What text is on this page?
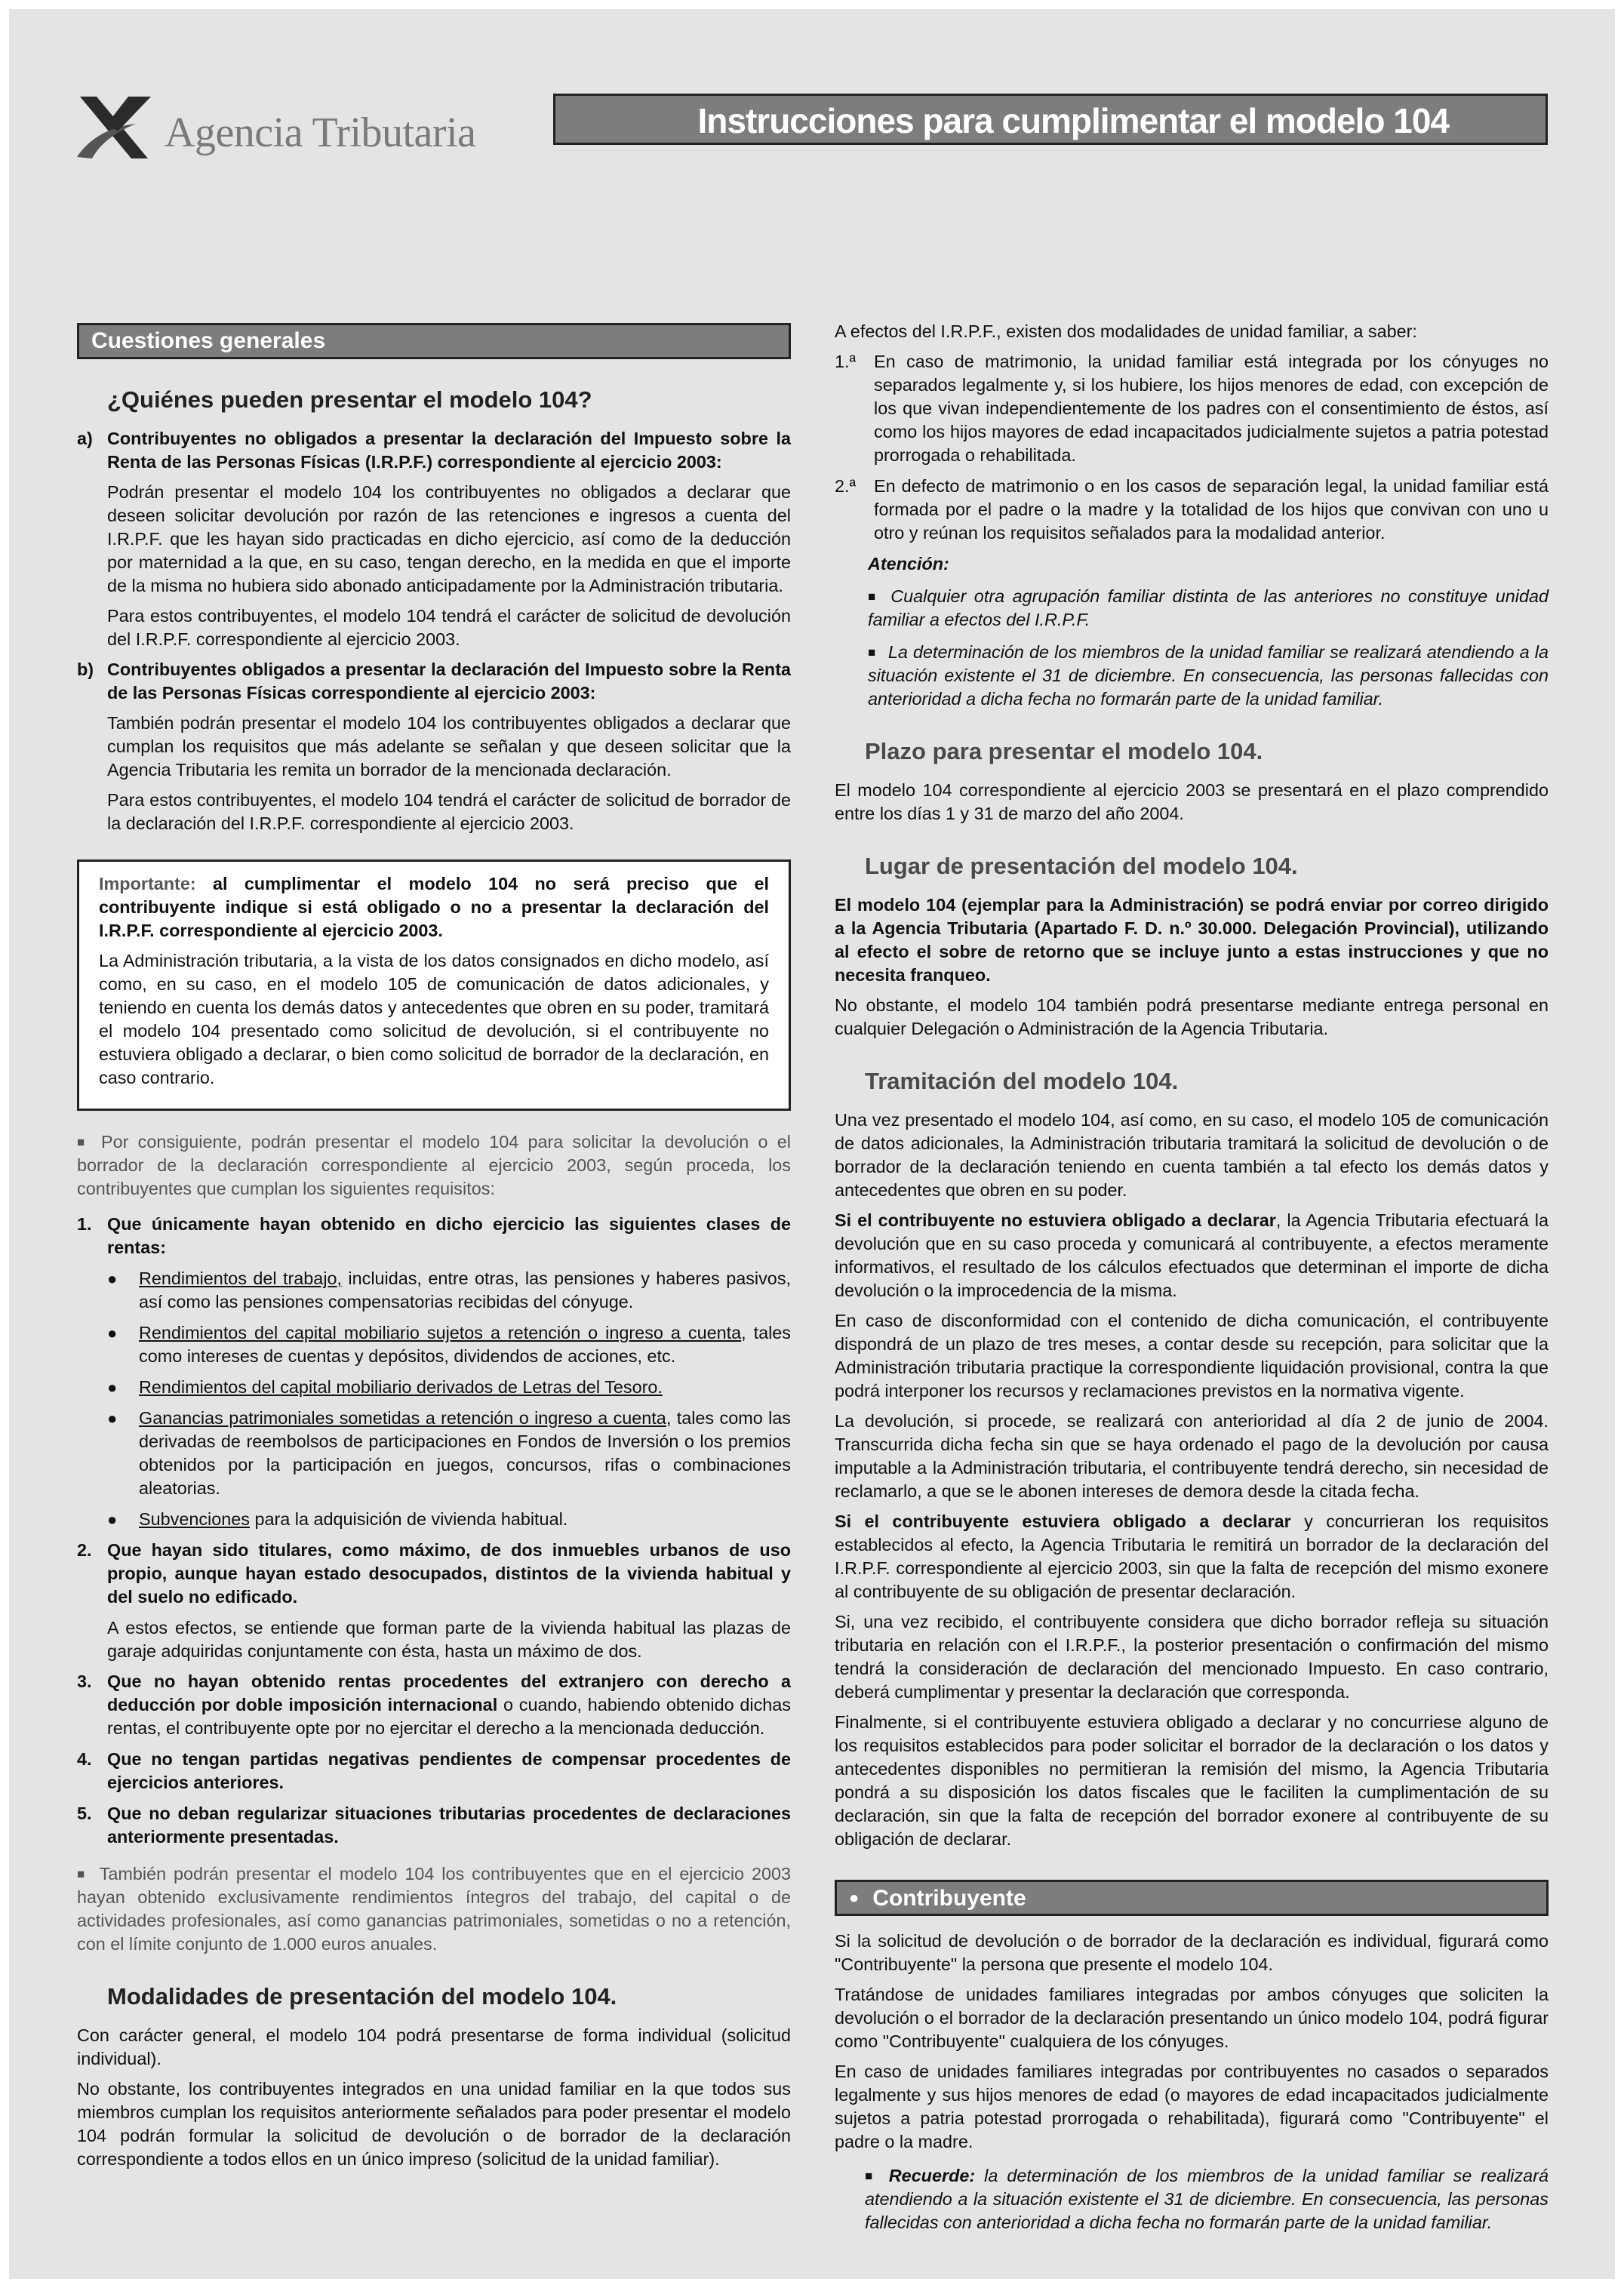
Agencia Tributaria	Instrucciones para cumplimentar el modelo 104
Cuestiones generales
¿Quiénes pueden presentar el modelo 104?
a) Contribuyentes no obligados a presentar la declaración del Impuesto sobre la Renta de las Personas Físicas (I.R.P.F.) correspondiente al ejercicio 2003:

Podrán presentar el modelo 104 los contribuyentes no obligados a declarar que deseen solicitar devolución por razón de las retenciones e ingresos a cuenta del I.R.P.F. que les hayan sido practicadas en dicho ejercicio, así como de la deducción por maternidad a la que, en su caso, tengan derecho, en la medida en que el importe de la misma no hubiera sido abonado anticipadamente por la Administración tributaria.

Para estos contribuyentes, el modelo 104 tendrá el carácter de solicitud de devolución del I.R.P.F. correspondiente al ejercicio 2003.

b) Contribuyentes obligados a presentar la declaración del Impuesto sobre la Renta de las Personas Físicas correspondiente al ejercicio 2003:

También podrán presentar el modelo 104 los contribuyentes obligados a declarar que cumplan los requisitos que más adelante se señalan y que deseen solicitar que la Agencia Tributaria les remita un borrador de la mencionada declaración.

Para estos contribuyentes, el modelo 104 tendrá el carácter de solicitud de borrador de la declaración del I.R.P.F. correspondiente al ejercicio 2003.

Importante: al cumplimentar el modelo 104 no será preciso que el contribuyente indique si está obligado o no a presentar la declaración del I.R.P.F. correspondiente al ejercicio 2003.

La Administración tributaria, a la vista de los datos consignados en dicho modelo, así como, en su caso, en el modelo 105 de comunicación de datos adicionales, y teniendo en cuenta los demás datos y antecedentes que obren en su poder, tramitará el modelo 104 presentado como solicitud de devolución, si el contribuyente no estuviera obligado a declarar, o bien como solicitud de borrador de la declaración, en caso contrario.

■ Por consiguiente, podrán presentar el modelo 104 para solicitar la devolución o el borrador de la declaración correspondiente al ejercicio 2003, según proceda, los contribuyentes que cumplan los siguientes requisitos:

1. Que únicamente hayan obtenido en dicho ejercicio las siguientes clases de rentas:
●	Rendimientos del trabajo, incluidas, entre otras, las pensiones y haberes pasivos, así como las pensiones compensatorias recibidas del cónyuge.
●	Rendimientos del capital mobiliario sujetos a retención o ingreso a cuenta, tales como intereses de cuentas y depósitos, dividendos de acciones, etc.
●	Rendimientos del capital mobiliario derivados de Letras del Tesoro.
●	Ganancias patrimoniales sometidas a retención o ingreso a cuenta, tales como las derivadas de reembolsos de participaciones en Fondos de Inversión o los premios obtenidos por la participación en juegos, concursos, rifas o combinaciones aleatorias.
●	Subvenciones para la adquisición de vivienda habitual.
2. Que hayan sido titulares, como máximo, de dos inmuebles urbanos de uso propio, aunque hayan estado desocupados, distintos de la vivienda habitual y del suelo no edificado.

A estos efectos, se entiende que forman parte de la vivienda habitual las plazas de garaje adquiridas conjuntamente con ésta, hasta un máximo de dos.

3. Que no hayan obtenido rentas procedentes del extranjero con derecho a deducción por doble imposición internacional o cuando, habiendo obtenido dichas rentas, el contribuyente opte por no ejercitar el derecho a la mencionada deducción.
4. Que no tengan partidas negativas pendientes de compensar procedentes de ejercicios anteriores.
5. Que no deban regularizar situaciones tributarias procedentes de declaraciones anteriormente presentadas.

■ También podrán presentar el modelo 104 los contribuyentes que en el ejercicio 2003 hayan obtenido exclusivamente rendimientos íntegros del trabajo, del capital o de actividades profesionales, así como ganancias patrimoniales, sometidas o no a retención, con el límite conjunto de 1.000 euros anuales.

Modalidades de presentación del modelo 104.

Con carácter general, el modelo 104 podrá presentarse de forma individual (solicitud individual).

No obstante, los contribuyentes integrados en una unidad familiar en la que todos sus miembros cumplan los requisitos anteriormente señalados para poder presentar el modelo 104 podrán formular la solicitud de devolución o de borrador de la declaración correspondiente a todos ellos en un único impreso (solicitud de la unidad familiar).

A efectos del I.R.P.F., existen dos modalidades de unidad familiar, a saber:

1.ª	En caso de matrimonio, la unidad familiar está integrada por los cónyuges no separados legalmente y, si los hubiere, los hijos menores de edad, con excepción de los que vivan independientemente de los padres con el consentimiento de éstos, así como los hijos mayores de edad incapacitados judicialmente sujetos a patria potestad prorrogada o rehabilitada.
2.ª	En defecto de matrimonio o en los casos de separación legal, la unidad familiar está formada por el padre o la madre y la totalidad de los hijos que convivan con uno u otro y reúnan los requisitos señalados para la modalidad anterior.

Atención:

■ Cualquier otra agrupación familiar distinta de las anteriores no constituye unidad familiar a efectos del I.R.P.F.

■ La determinación de los miembros de la unidad familiar se realizará atendiendo a la situación existente el 31 de diciembre. En consecuencia, las personas fallecidas con anterioridad a dicha fecha no formarán parte de la unidad familiar.

Plazo para presentar el modelo 104.

El modelo 104 correspondiente al ejercicio 2003 se presentará en el plazo comprendido entre los días 1 y 31 de marzo del año 2004.

Lugar de presentación del modelo 104.

El modelo 104 (ejemplar para la Administración) se podrá enviar por correo dirigido a la Agencia Tributaria (Apartado F. D. n.º 30.000. Delegación Provincial), utilizando al efecto el sobre de retorno que se incluye junto a estas instrucciones y que no necesita franqueo.

No obstante, el modelo 104 también podrá presentarse mediante entrega personal en cualquier Delegación o Administración de la Agencia Tributaria.

Tramitación del modelo 104.

Una vez presentado el modelo 104, así como, en su caso, el modelo 105 de comunicación de datos adicionales, la Administración tributaria tramitará la solicitud de devolución o de borrador de la declaración teniendo en cuenta también a tal efecto los demás datos y antecedentes que obren en su poder.

Si el contribuyente no estuviera obligado a declarar, la Agencia Tributaria efectuará la devolución que en su caso proceda y comunicará al contribuyente, a efectos meramente informativos, el resultado de los cálculos efectuados que determinan el importe de dicha devolución o la improcedencia de la misma.

En caso de disconformidad con el contenido de dicha comunicación, el contribuyente dispondrá de un plazo de tres meses, a contar desde su recepción, para solicitar que la Administración tributaria practique la correspondiente liquidación provisional, contra la que podrá interponer los recursos y reclamaciones previstos en la normativa vigente.

La devolución, si procede, se realizará con anterioridad al día 2 de junio de 2004. Transcurrida dicha fecha sin que se haya ordenado el pago de la devolución por causa imputable a la Administración tributaria, el contribuyente tendrá derecho, sin necesidad de reclamarlo, a que se le abonen intereses de demora desde la citada fecha.

Si el contribuyente estuviera obligado a declarar y concurrieran los requisitos establecidos al efecto, la Agencia Tributaria le remitirá un borrador de la declaración del I.R.P.F. correspondiente al ejercicio 2003, sin que la falta de recepción del mismo exonere al contribuyente de su obligación de presentar declaración.

Si, una vez recibido, el contribuyente considera que dicho borrador refleja su situación tributaria en relación con el I.R.P.F., la posterior presentación o confirmación del mismo tendrá la consideración de declaración del mencionado Impuesto. En caso contrario, deberá cumplimentar y presentar la declaración que corresponda.

Finalmente, si el contribuyente estuviera obligado a declarar y no concurriese alguno de los requisitos establecidos para poder solicitar el borrador de la declaración o los datos y antecedentes disponibles no permitieran la remisión del mismo, la Agencia Tributaria pondrá a su disposición los datos fiscales que le faciliten la cumplimentación de su declaración, sin que la falta de recepción del borrador exonere al contribuyente de su obligación de declarar.

● Contribuyente

Si la solicitud de devolución o de borrador de la declaración es individual, figurará como "Contribuyente" la persona que presente el modelo 104.

Tratándose de unidades familiares integradas por ambos cónyuges que soliciten la devolución o el borrador de la declaración presentando un único modelo 104, podrá figurar como "Contribuyente" cualquiera de los cónyuges.

En caso de unidades familiares integradas por contribuyentes no casados o separados legalmente y sus hijos menores de edad (o mayores de edad incapacitados judicialmente sujetos a patria potestad prorrogada o rehabilitada), figurará como "Contribuyente" el padre o la madre.

■ Recuerde: la determinación de los miembros de la unidad familiar se realizará atendiendo a la situación existente el 31 de diciembre. En consecuencia, las personas fallecidas con anterioridad a dicha fecha no formarán parte de la unidad familiar.
